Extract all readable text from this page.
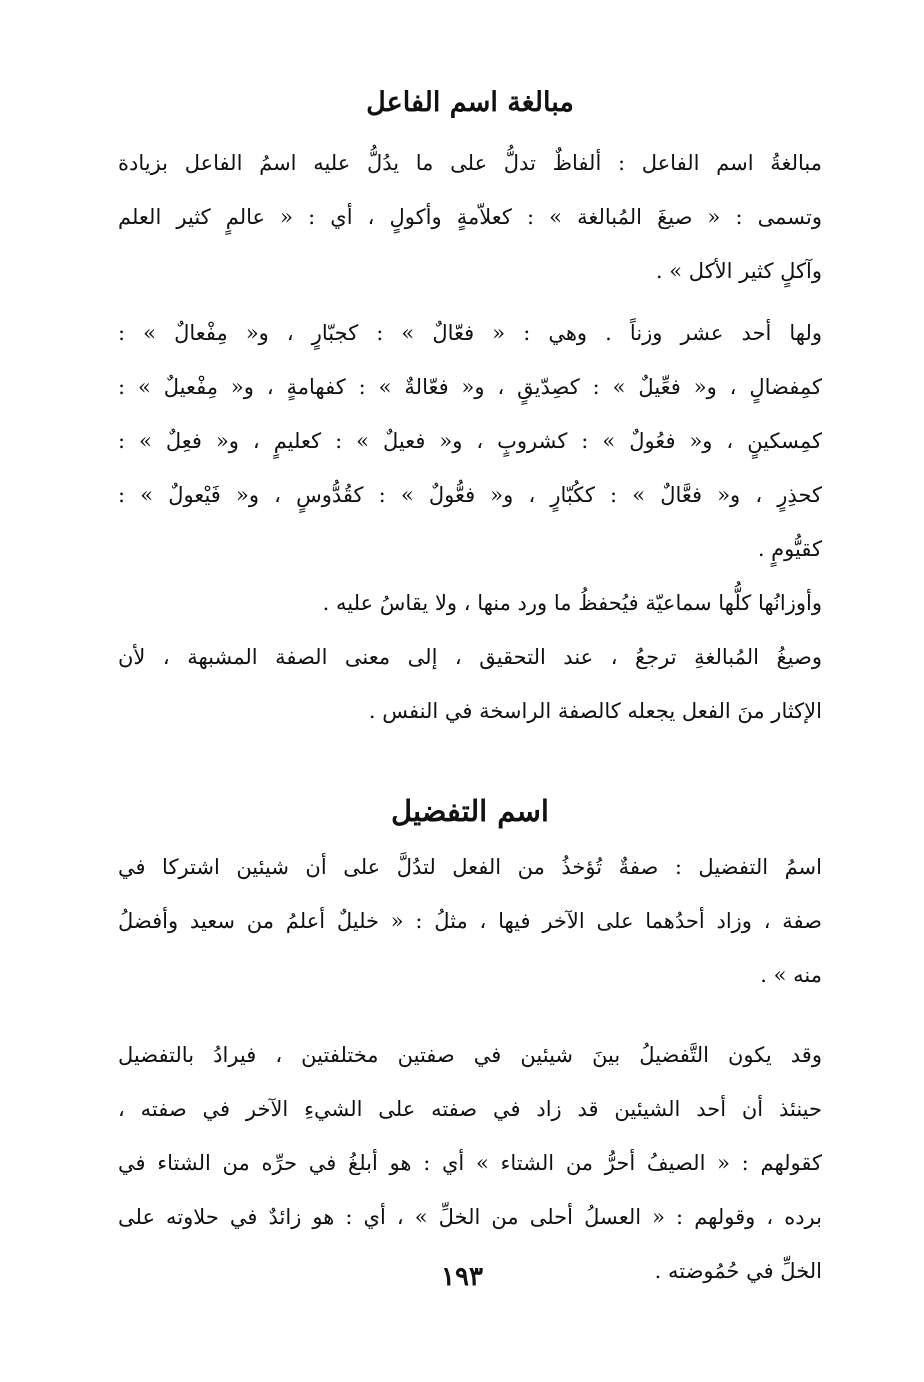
مبالغة اسم الفاعل

مبالغةُ اسم الفاعل : ألفاظٌ تدلُّ على ما يدُلُّ عليه اسمُ الفاعل بزيادة
وتسمى : « صيغَ المُبالغة » : كعلاّمةٍ وأكولٍ ، أي : « عالمٍ كثير العلم
وآكلٍ كثير الأكل » .

ولها أحد عشر وزناً . وهي : « فعّالٌ » : كجبّارٍ ، و« مِفْعالٌ » :
كمِفضالٍ ، و« فعِّيلٌ » : كصِدّيقٍ ، و« فعّالةٌ » : كفهامةٍ ، و« مِفْعيلٌ » :
كمِسكينٍ ، و« فعُولٌ » : كشروبٍ ، و« فعيلٌ » : كعليمٍ ، و« فعِلٌ » :
كحذِرٍ ، و« فعَّالٌ » : ككُبّارٍ ، و« فعُّولٌ » : كقُدُّوسٍ ، و« فَيْعولٌ » :
كقيُّومٍ .

وأوزانُها كلُّها سماعيّة فيُحفظُ ما ورد منها ، ولا يقاسُ عليه .

وصيغُ المُبالغةِ ترجعُ ، عند التحقيق ، إلى معنى الصفة المشبهة ، لأن
الإكثار منَ الفعل يجعله كالصفة الراسخة في النفس .

اسم التفضيل

اسمُ التفضيل : صفةٌ تُؤخذُ من الفعل لتدُلَّ على أن شيئين اشتركا في
صفة ، وزاد أحدُهما على الآخر فيها ، مثلُ : « خليلٌ أعلمُ من سعيد وأفضلُ
منه » .

وقد يكون التَّفضيلُ بينَ شيئين في صفتين مختلفتين ، فيرادُ بالتفضيل
حينئذ أن أحد الشيئين قد زاد في صفته على الشيءِ الآخر في صفته ،
كقولهم : « الصيفُ أحرُّ من الشتاء » أي : هو أبلغُ في حرِّه من الشتاء في
برده ، وقولهم : « العسلُ أحلى من الخلِّ » ، أي : هو زائدٌ في حلاوته على
الخلِّ في حُمُوضته .

١٩٣
